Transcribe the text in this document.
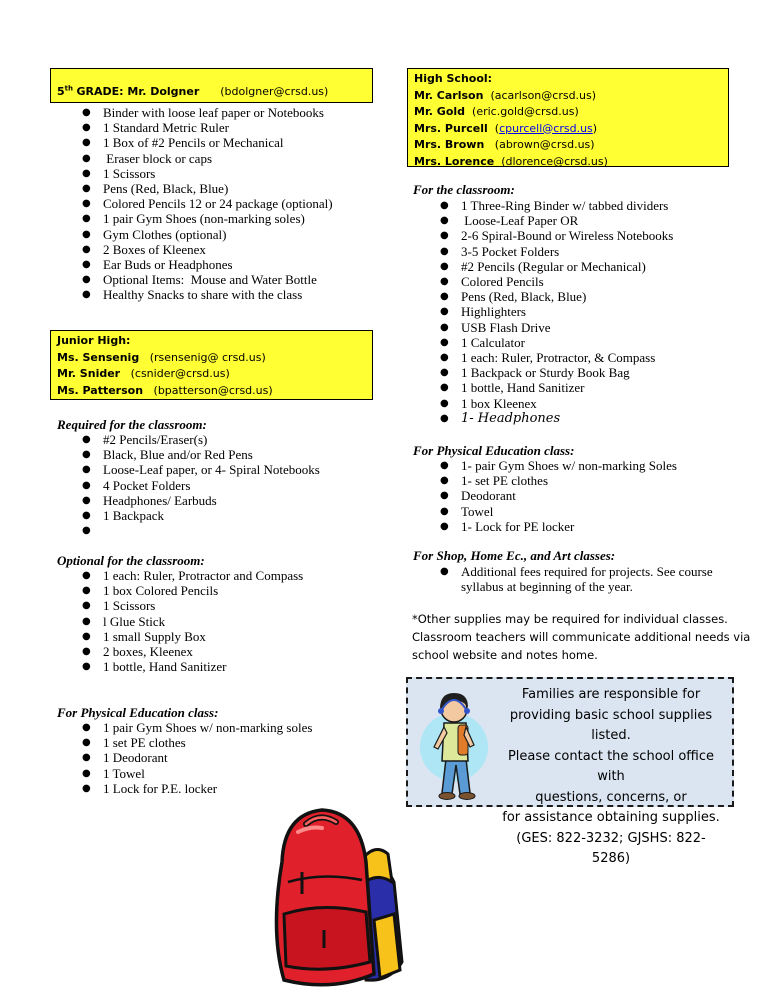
5th GRADE: Mr. Dolgner (bdolgner@crsd.us)
● Binder with loose leaf paper or Notebooks
● 1 Standard Metric Ruler
● 1 Box of #2 Pencils or Mechanical
●  Eraser block or caps
● 1 Scissors
● Pens (Red, Black, Blue)
● Colored Pencils 12 or 24 package (optional)
● 1 pair Gym Shoes (non-marking soles)
● Gym Clothes (optional)
● 2 Boxes of Kleenex
● Ear Buds or Headphones
● Optional Items:  Mouse and Water Bottle
● Healthy Snacks to share with the class
Junior High:
Ms. Sensenig (rsensenig@ crsd.us)
Mr. Snider (csnider@crsd.us)
Ms. Patterson (bpatterson@crsd.us)
Required for the classroom:
● #2 Pencils/Eraser(s)
● Black, Blue and/or Red Pens
● Loose-Leaf paper, or 4- Spiral Notebooks
● 4 Pocket Folders
● Headphones/ Earbuds
● 1 Backpack
●
Optional for the classroom:
● 1 each: Ruler, Protractor and Compass
● 1 box Colored Pencils
● 1 Scissors
● l Glue Stick
● 1 small Supply Box
● 2 boxes, Kleenex
● 1 bottle, Hand Sanitizer
For Physical Education class:
● 1 pair Gym Shoes w/ non-marking soles
● 1 set PE clothes
● 1 Deodorant
● 1 Towel
● 1 Lock for P.E. locker
High School:
Mr. Carlson (acarlson@crsd.us)
Mr. Gold (eric.gold@crsd.us)
Mrs. Purcell (cpurcell@crsd.us)
Mrs. Brown (abrown@crsd.us)
Mrs. Lorence (dlorence@crsd.us)
For the classroom:
● 1 Three-Ring Binder w/ tabbed dividers
●  Loose-Leaf Paper OR
● 2-6 Spiral-Bound or Wireless Notebooks
● 3-5 Pocket Folders
● #2 Pencils (Regular or Mechanical)
● Colored Pencils
● Pens (Red, Black, Blue)
● Highlighters
● USB Flash Drive
● 1 Calculator
● 1 each: Ruler, Protractor, & Compass
● 1 Backpack or Sturdy Book Bag
● 1 bottle, Hand Sanitizer
● 1 box Kleenex
● 1- Headphones
For Physical Education class:
● 1- pair Gym Shoes w/ non-marking Soles
● 1- set PE clothes
● Deodorant
● Towel
● 1- Lock for PE locker
For Shop, Home Ec., and Art classes:
● Additional fees required for projects. See course
syllabus at beginning of the year.
*Other supplies may be required for individual classes.
Classroom teachers will communicate additional needs via
school website and notes home.
Families are responsible for
providing basic school supplies listed.
Please contact the school office with
questions, concerns, or
for assistance obtaining supplies.
(GES: 822-3232; GJSHS: 822-5286)
